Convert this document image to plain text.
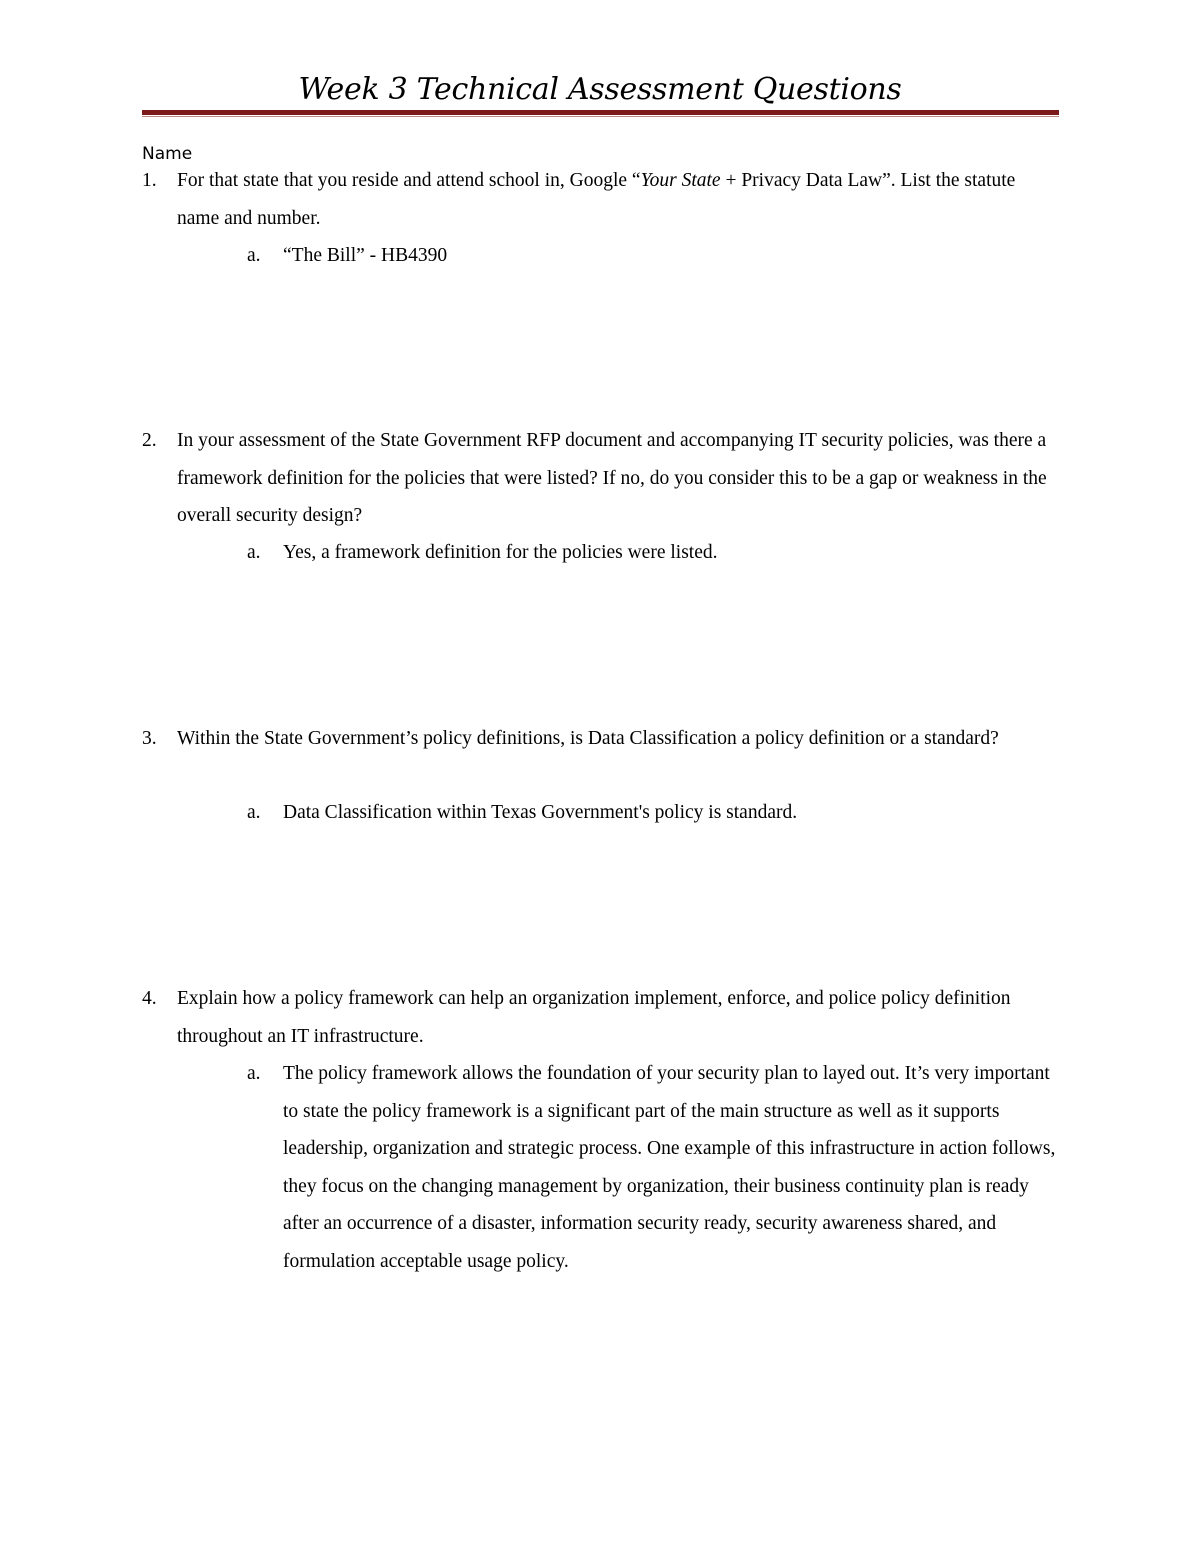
Week 3 Technical Assessment Questions
Name
1.	For that state that you reside and attend school in, Google “Your State + Privacy Data Law”. List the statute name and number.
a. “The Bill” - HB4390
2.	In your assessment of the State Government RFP document and accompanying IT security policies, was there a framework definition for the policies that were listed? If no, do you consider this to be a gap or weakness in the overall security design?
a. Yes, a framework definition for the policies were listed.
3.	Within the State Government’s policy definitions, is Data Classification a policy definition or a standard?
a. Data Classification within Texas Government's policy is standard.
4.	Explain how a policy framework can help an organization implement, enforce, and police policy definition throughout an IT infrastructure.
a. The policy framework allows the foundation of your security plan to layed out. It’s very important to state the policy framework is a significant part of the main structure as well as it supports leadership, organization and strategic process. One example of this infrastructure in action follows, they focus on the changing management by organization, their business continuity plan is ready after an occurrence of a disaster, information security ready, security awareness shared, and formulation acceptable usage policy.
